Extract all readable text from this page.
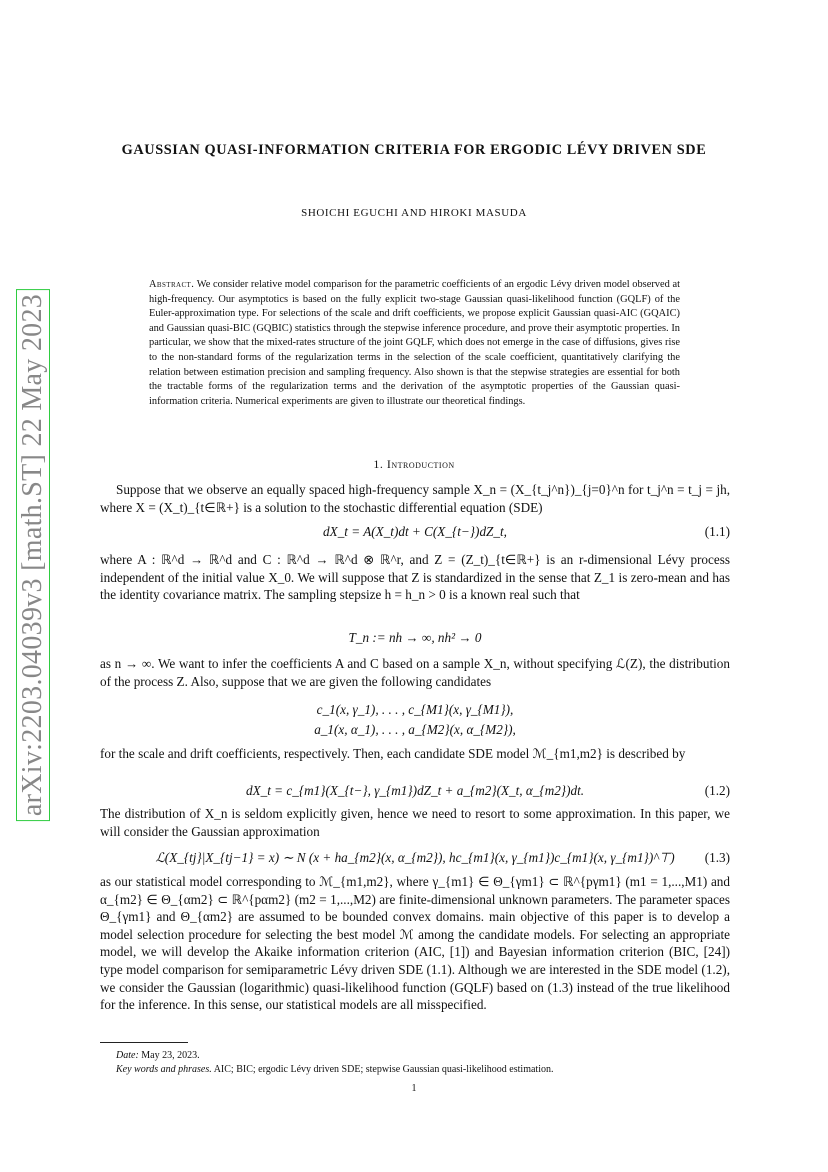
arXiv:2203.04039v3 [math.ST] 22 May 2023
GAUSSIAN QUASI-INFORMATION CRITERIA FOR ERGODIC LÉVY DRIVEN SDE
SHOICHI EGUCHI AND HIROKI MASUDA
Abstract. We consider relative model comparison for the parametric coefficients of an ergodic Lévy driven model observed at high-frequency. Our asymptotics is based on the fully explicit two-stage Gaussian quasi-likelihood function (GQLF) of the Euler-approximation type. For selections of the scale and drift coefficients, we propose explicit Gaussian quasi-AIC (GQAIC) and Gaussian quasi-BIC (GQBIC) statistics through the stepwise inference procedure, and prove their asymptotic properties. In particular, we show that the mixed-rates structure of the joint GQLF, which does not emerge in the case of diffusions, gives rise to the non-standard forms of the regularization terms in the selection of the scale coefficient, quantitatively clarifying the relation between estimation precision and sampling frequency. Also shown is that the stepwise strategies are essential for both the tractable forms of the regularization terms and the derivation of the asymptotic properties of the Gaussian quasi-information criteria. Numerical experiments are given to illustrate our theoretical findings.
1. Introduction

Suppose that we observe an equally spaced high-frequency sample X_n = (X_{t_j^n})_{j=0}^n for t_j^n = t_j = jh, where X = (X_t)_{t∈ℝ+} is a solution to the stochastic differential equation (SDE)

dX_t = A(X_t)dt + C(X_{t−})dZ_t,	(1.1)

where A : ℝ^d → ℝ^d and C : ℝ^d → ℝ^d ⊗ ℝ^r, and Z = (Z_t)_{t∈ℝ+} is an r-dimensional Lévy process independent of the initial value X_0. We will suppose that Z is standardized in the sense that Z_1 is zero-mean and has the identity covariance matrix. The sampling stepsize h = h_n > 0 is a known real such that

T_n := nh → ∞, nh² → 0

as n → ∞. We want to infer the coefficients A and C based on a sample X_n, without specifying ℒ(Z), the distribution of the process Z. Also, suppose that we are given the following candidates

c_1(x, γ_1), . . . , c_{M1}(x, γ_{M1}),
a_1(x, α_1), . . . , a_{M2}(x, α_{M2}),

for the scale and drift coefficients, respectively. Then, each candidate SDE model ℳ_{m1,m2} is described by

dX_t = c_{m1}(X_{t−}, γ_{m1})dZ_t + a_{m2}(X_t, α_{m2})dt.	(1.2)

The distribution of X_n is seldom explicitly given, hence we need to resort to some approximation. In this paper, we will consider the Gaussian approximation

ℒ(X_{tj}|X_{tj−1} = x) ∼ N (x + ha_{m2}(x, α_{m2}), hc_{m1}(x, γ_{m1})c_{m1}(x, γ_{m1})^⊤)	(1.3)

as our statistical model corresponding to ℳ_{m1,m2}, where γ_{m1} ∈ Θ_{γm1} ⊂ ℝ^{pγm1} (m1 = 1,...,M1) and α_{m2} ∈ Θ_{αm2} ⊂ ℝ^{pαm2} (m2 = 1,...,M2) are finite-dimensional unknown parameters. The parameter spaces Θ_{γm1} and Θ_{αm2} are assumed to be bounded convex domains. main objective of this paper is to develop a model selection procedure for selecting the best model ℳ among the candidate models. For selecting an appropriate model, we will develop the Akaike information criterion (AIC, [1]) and Bayesian information criterion (BIC, [24]) type model comparison for semiparametric Lévy driven SDE (1.1). Although we are interested in the SDE model (1.2), we consider the Gaussian (logarithmic) quasi-likelihood function (GQLF) based on (1.3) instead of the true likelihood for the inference. In this sense, our statistical models are all misspecified.

Date: May 23, 2023.
Key words and phrases. AIC; BIC; ergodic Lévy driven SDE; stepwise Gaussian quasi-likelihood estimation.
1
